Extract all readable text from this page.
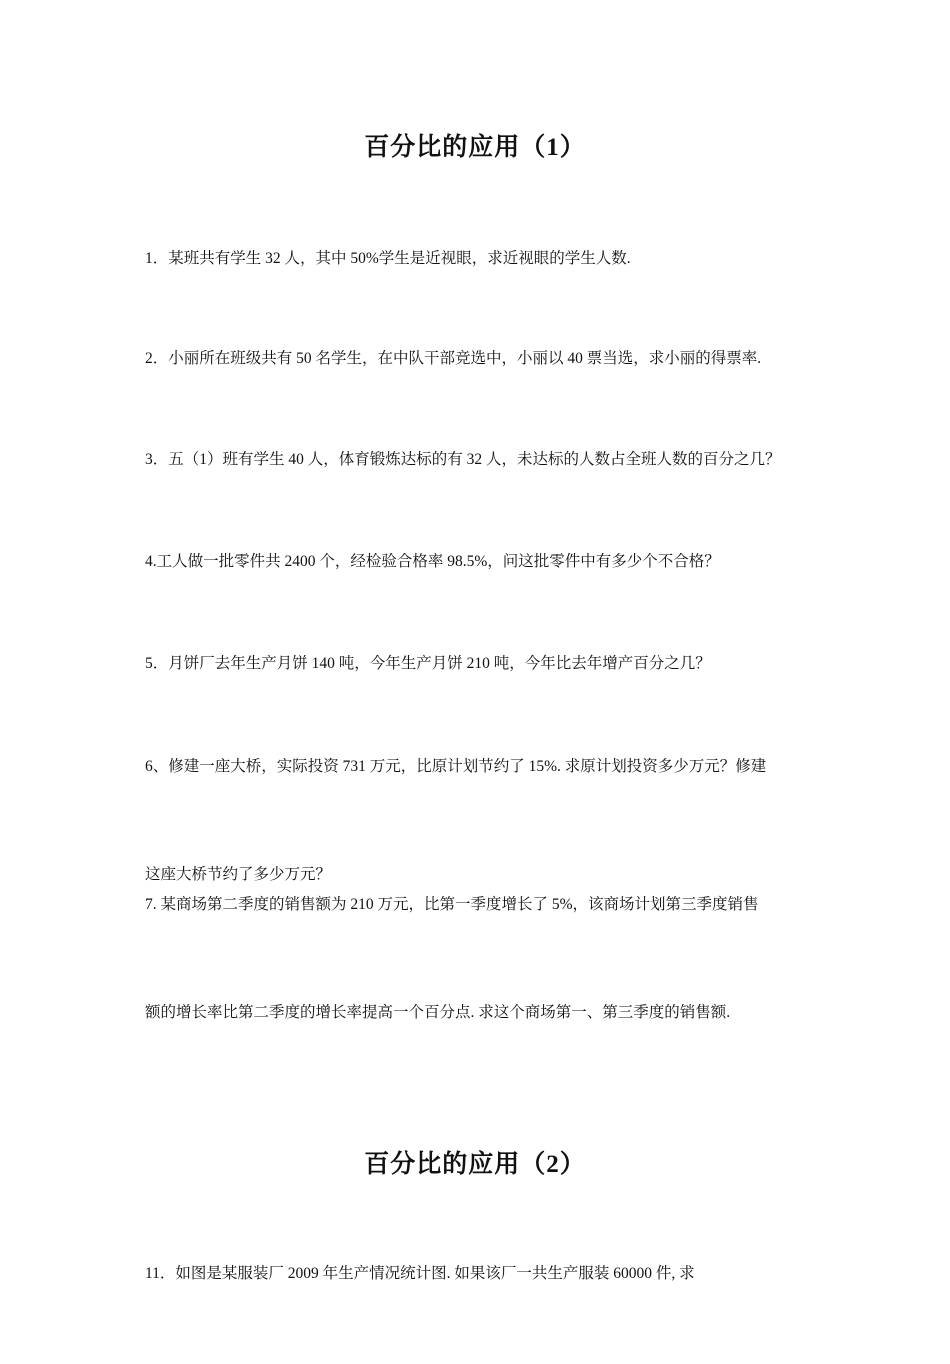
百分比的应用（1）

1．某班共有学生 32 人，其中 50%学生是近视眼，求近视眼的学生人数.

2．小丽所在班级共有 50 名学生，在中队干部竞选中，小丽以 40 票当选，求小丽的得票率.

3．五（1）班有学生 40 人，体育锻炼达标的有 32 人，未达标的人数占全班人数的百分之几？

4.工人做一批零件共 2400 个，经检验合格率 98.5%，问这批零件中有多少个不合格？

5．月饼厂去年生产月饼 140 吨，今年生产月饼 210 吨，今年比去年增产百分之几？

6、修建一座大桥，实际投资 731 万元，比原计划节约了 15%. 求原计划投资多少万元？修建

这座大桥节约了多少万元？

7. 某商场第二季度的销售额为 210 万元，比第一季度增长了 5%，该商场计划第三季度销售

额的增长率比第二季度的增长率提高一个百分点. 求这个商场第一、第三季度的销售额.

百分比的应用（2）

11．如图是某服装厂 2009 年生产情况统计图. 如果该厂一共生产服装 60000 件, 求
